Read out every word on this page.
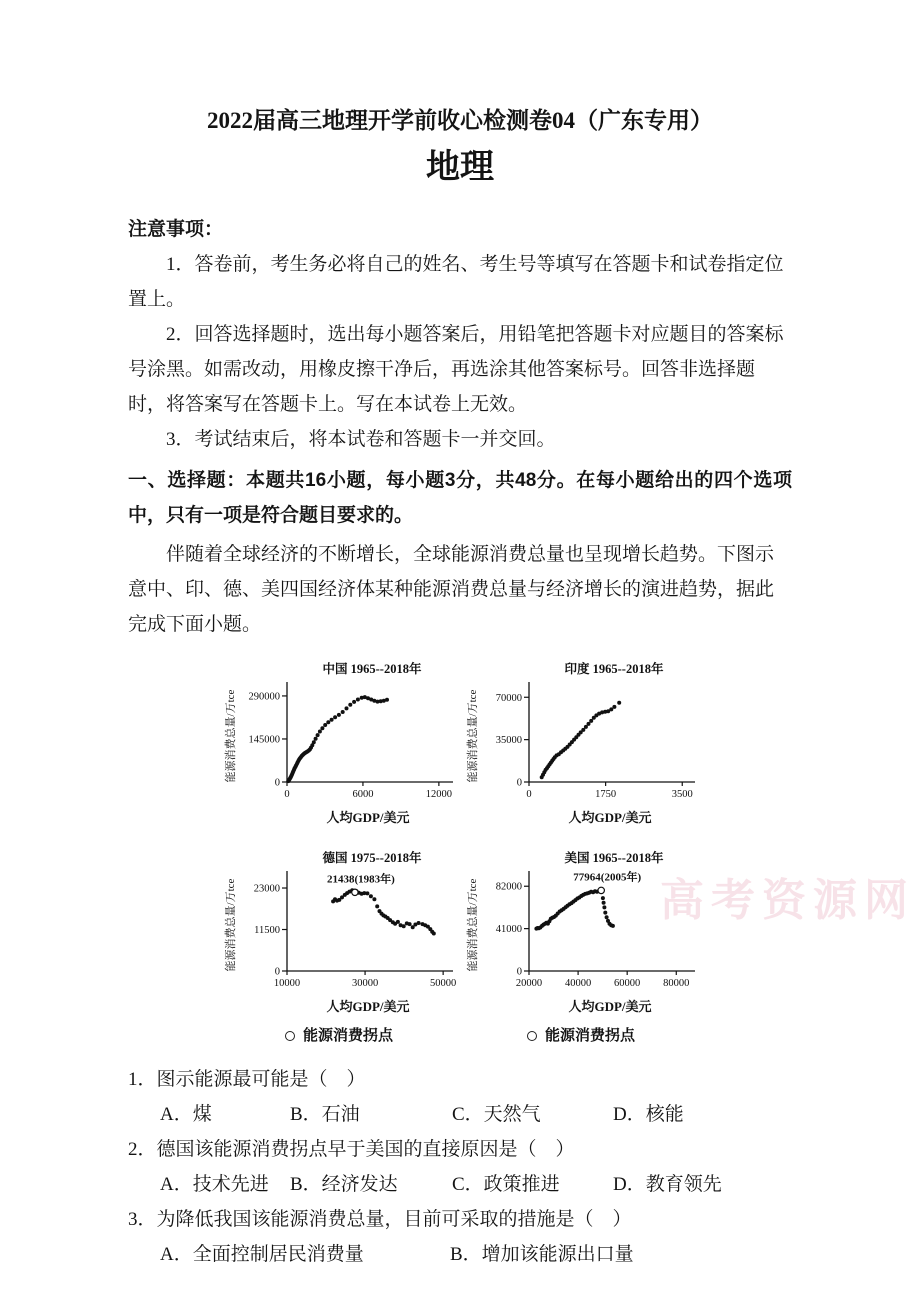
2022届高三地理开学前收心检测卷04（广东专用）
地理

注意事项：

1．答卷前，考生务必将自己的姓名、考生号等填写在答题卡和试卷指定位置上。

2．回答选择题时，选出每小题答案后，用铅笔把答题卡对应题目的答案标号涂黑。如需改动，用橡皮擦干净后，再选涂其他答案标号。回答非选择题时，将答案写在答题卡上。写在本试卷上无效。

3．考试结束后，将本试卷和答题卡一并交回。

一、选择题：本题共16小题，每小题3分，共48分。在每小题给出的四个选项中，只有一项是符合题目要求的。

伴随着全球经济的不断增长，全球能源消费总量也呈现增长趋势。下图示意中、印、德、美四国经济体某种能源消费总量与经济增长的演进趋势，据此完成下面小题。

0
145000
290000
0	6000	12000
中国 1965--2018年
能源消费总量/万tce
人均GDP/美元
0
35000
70000
0	1750	3500
印度 1965--2018年
能源消费总量/万tce
人均GDP/美元
0
11500
23000
10000	30000	50000
21438(1983年)
德国 1975--2018年
能源消费总量/万tce
人均GDP/美元
能源消费拐点
0
41000
82000
20000 40000 60000 80000
77964(2005年)
美国 1965--2018年
能源消费总量/万tce
人均GDP/美元
能源消费拐点

1．图示能源最可能是（　）

A．煤	B．石油	C．天然气	D．核能

2．德国该能源消费拐点早于美国的直接原因是（　）

A．技术先进	B．经济发达	C．政策推进	D．教育领先

3．为降低我国该能源消费总量，目前可采取的措施是（　）

A．全面控制居民消费量	B．增加该能源出口量

高考资源网
